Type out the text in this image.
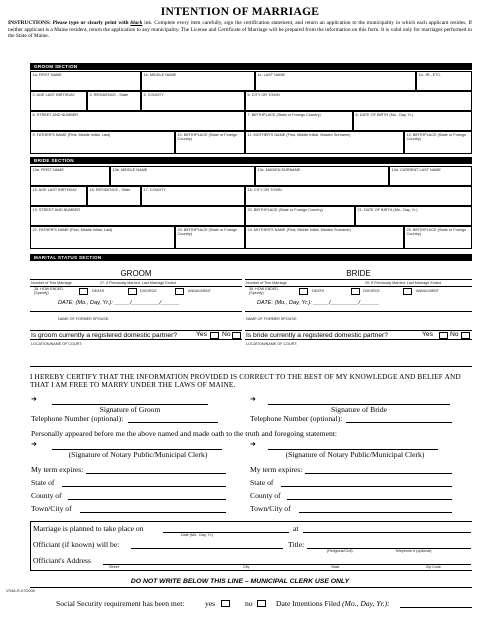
INTENTION OF MARRIAGE
INSTRUCTIONS: Please type or clearly print with black ink. Complete every item carefully, sign the certification statement, and return an application to the municipality in which each applicant resides. If neither applicant is a Maine resident, return the application to any municipality. The License and Certificate of Marriage will be prepared from the information on this form. It is valid only for marriages performed in the State of Maine.
GROOM SECTION
1a. FIRST NAME	1b. MIDDLE NAME	1c. LAST NAME	1d. JR., ETC.
2. AGE LAST BIRTHDAY	3. RESIDENCE - State	4. COUNTY	5. CITY OR TOWN
6. STREET AND NUMBER	7. BIRTHPLACE (State or Foreign Country)	8. DATE OF BIRTH (Mo., Day, Yr.)
9. FATHER'S NAME (First, Middle Initial, Last)	10. BIRTHPLACE (State or Foreign Country)
11. MOTHER'S NAME (First, Middle Initial, Maiden Surname)	12. BIRTHPLACE (State or Foreign Country)
BRIDE SECTION
13a. FIRST NAME	13b. MIDDLE NAME	13c. MAIDEN SURNAME	13d. CURRENT LAST NAME
15. AGE LAST BIRTHDAY	16. RESIDENCE - State	17. COUNTY	18. CITY OR TOWN
19. STREET AND NUMBER	20. BIRTHPLACE (State or Foreign Country)	21. DATE OF BIRTH (Mo., Day, Yr.)
22. FATHER'S NAME (First, Middle Initial, Last)	23. BIRTHPLACE (State or Foreign Country)
24. MOTHER'S NAME (First, Middle Initial, Maiden Surname)	25. BIRTHPLACE (State or Foreign Country)
MARITAL STATUS SECTION
GROOM	BRIDE
Number of This Marriage	27. If Previously Married, Last Marriage Ended
28. HOW ENDED (Specify)	DEATH	DIVORCE	ANNULMENT
DATE: (Mo., Day, Yr.): _____/_________/______
NAME OF FORMER SPOUSE:
Number of This Marriage	29. If Previously Married, Last Marriage Ended
30. HOW ENDED (Specify)	DEATH	DIVORCE	ANNULMENT
DATE: (Mo., Day, Yr.): _____/_________/______
NAME OF FORMER SPOUSE:
Is groom currently a registered domestic partner?	Yes No Is bride currently a registered domestic partner?	Yes	No
LOCATION/NAME OF COURT:	LOCATION/NAME OF COURT:
I HEREBY CERTIFY THAT THE INFORMATION PROVIDED IS CORRECT TO THE BEST OF MY KNOWLEDGE AND BELIEF AND THAT I AM FREE TO MARRY UNDER THE LAWS OF MAINE.
➜
Signature of Groom
Telephone Number (optional):
➜
Signature of Bride
Telephone Number (optional):
Personally appeared before me the above named and made oath to the truth and foregoing statement:
➜
(Signature of Notary Public/Municipal Clerk)
➜
(Signature of Notary Public/Municipal Clerk)
My term expires:
State of
County of
Town/City of
My term expires:
State of
County of
Town/City of
Marriage is planned to take place on	at
Date (Mo., Day, Yr.)
Officiant (if known) will be:	Title:
(Religious/Civil)	Telephone # (optional)
Officiant's Address
Street	City	State	Zip Code
DO NOT WRITE BELOW THIS LINE – MUNICIPAL CLERK USE ONLY
VS3A-R-07/2006
Social Security requirement has been met:	yes	no	Date Intentions Filed (Mo., Day, Yr.):
